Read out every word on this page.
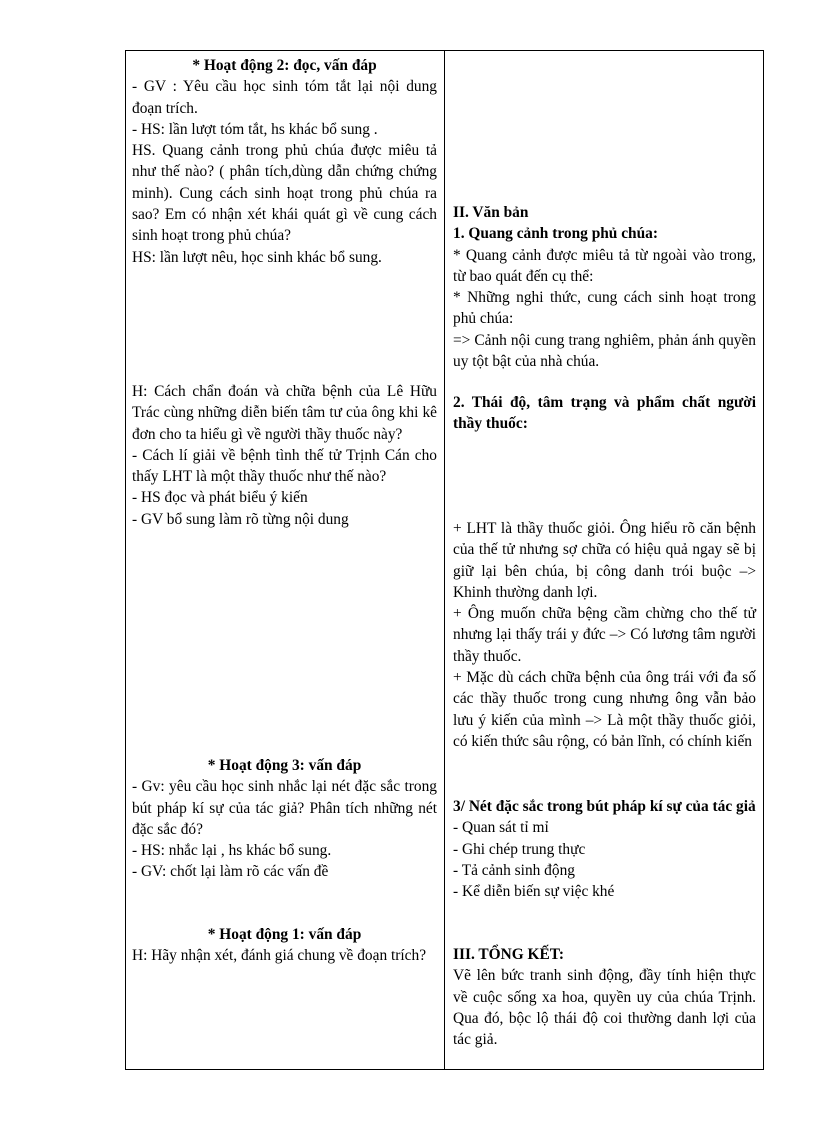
* Hoạt động 2: đọc, vấn đáp

- GV : Yêu cầu học sinh tóm tắt lại nội dung đoạn trích.

- HS: lần lượt tóm tắt, hs khác bổ sung .

HS. Quang cảnh trong phủ chúa được miêu tả như thế nào? ( phân tích,dùng dẫn chứng chứng minh). Cung cách sinh hoạt trong phủ chúa ra sao? Em có nhận xét khái quát gì về cung cách sinh hoạt trong phủ chúa?

HS: lần lượt nêu, học sinh khác bổ sung.

H: Cách chẩn đoán và chữa bệnh của Lê Hữu Trác cùng những diễn biến tâm tư của ông khi kê đơn cho ta hiểu gì về người thầy thuốc này?

- Cách lí giải về bệnh tình thế tử Trịnh Cán cho thấy LHT là một thầy thuốc như thế nào?

- HS đọc và phát biểu ý kiến

- GV bổ sung làm rõ từng nội dung

* Hoạt động 3: vấn đáp

- Gv: yêu cầu học sinh nhắc lại nét đặc sắc trong bút pháp kí sự của tác giả? Phân tích những nét đặc sắc đó?

- HS: nhắc lại , hs khác bổ sung.

- GV: chốt lại làm rõ các vấn đề

* Hoạt động 1: vấn đáp

H: Hãy nhận xét, đánh giá chung về đoạn trích?

II. Văn bản

1. Quang cảnh trong phủ chúa:

* Quang cảnh được miêu tả từ ngoài vào trong, từ bao quát đến cụ thể:

* Những nghi thức, cung cách sinh hoạt trong phủ chúa:

=> Cảnh nội cung trang nghiêm, phản ánh quyền uy tột bật của nhà chúa.

2. Thái độ, tâm trạng và phẩm chất người thầy thuốc:

+ LHT là thầy thuốc giỏi. Ông hiểu rõ căn bệnh của thế tử nhưng sợ chữa có hiệu quả ngay sẽ bị giữ lại bên chúa, bị công danh trói buộc –> Khinh thường danh lợi.

+ Ông muốn chữa bệng cầm chừng cho thế tử nhưng lại thấy trái y đức –> Có lương tâm người thầy thuốc.

+ Mặc dù cách chữa bệnh của ông trái với đa số các thầy thuốc trong cung nhưng ông vẫn bảo lưu ý kiến của mình –> Là một thầy thuốc giỏi, có kiến thức sâu rộng, có bản lĩnh, có chính kiến

3/ Nét đặc sắc trong bút pháp kí sự của tác giả

- Quan sát tỉ mỉ

- Ghi chép trung thực

- Tả cảnh sinh động

- Kể diễn biến sự việc khé

III. TỔNG KẾT:

Vẽ lên bức tranh sinh động, đầy tính hiện thực về cuộc sống xa hoa, quyền uy của chúa Trịnh. Qua đó, bộc lộ thái độ coi thường danh lợi của tác giả.
